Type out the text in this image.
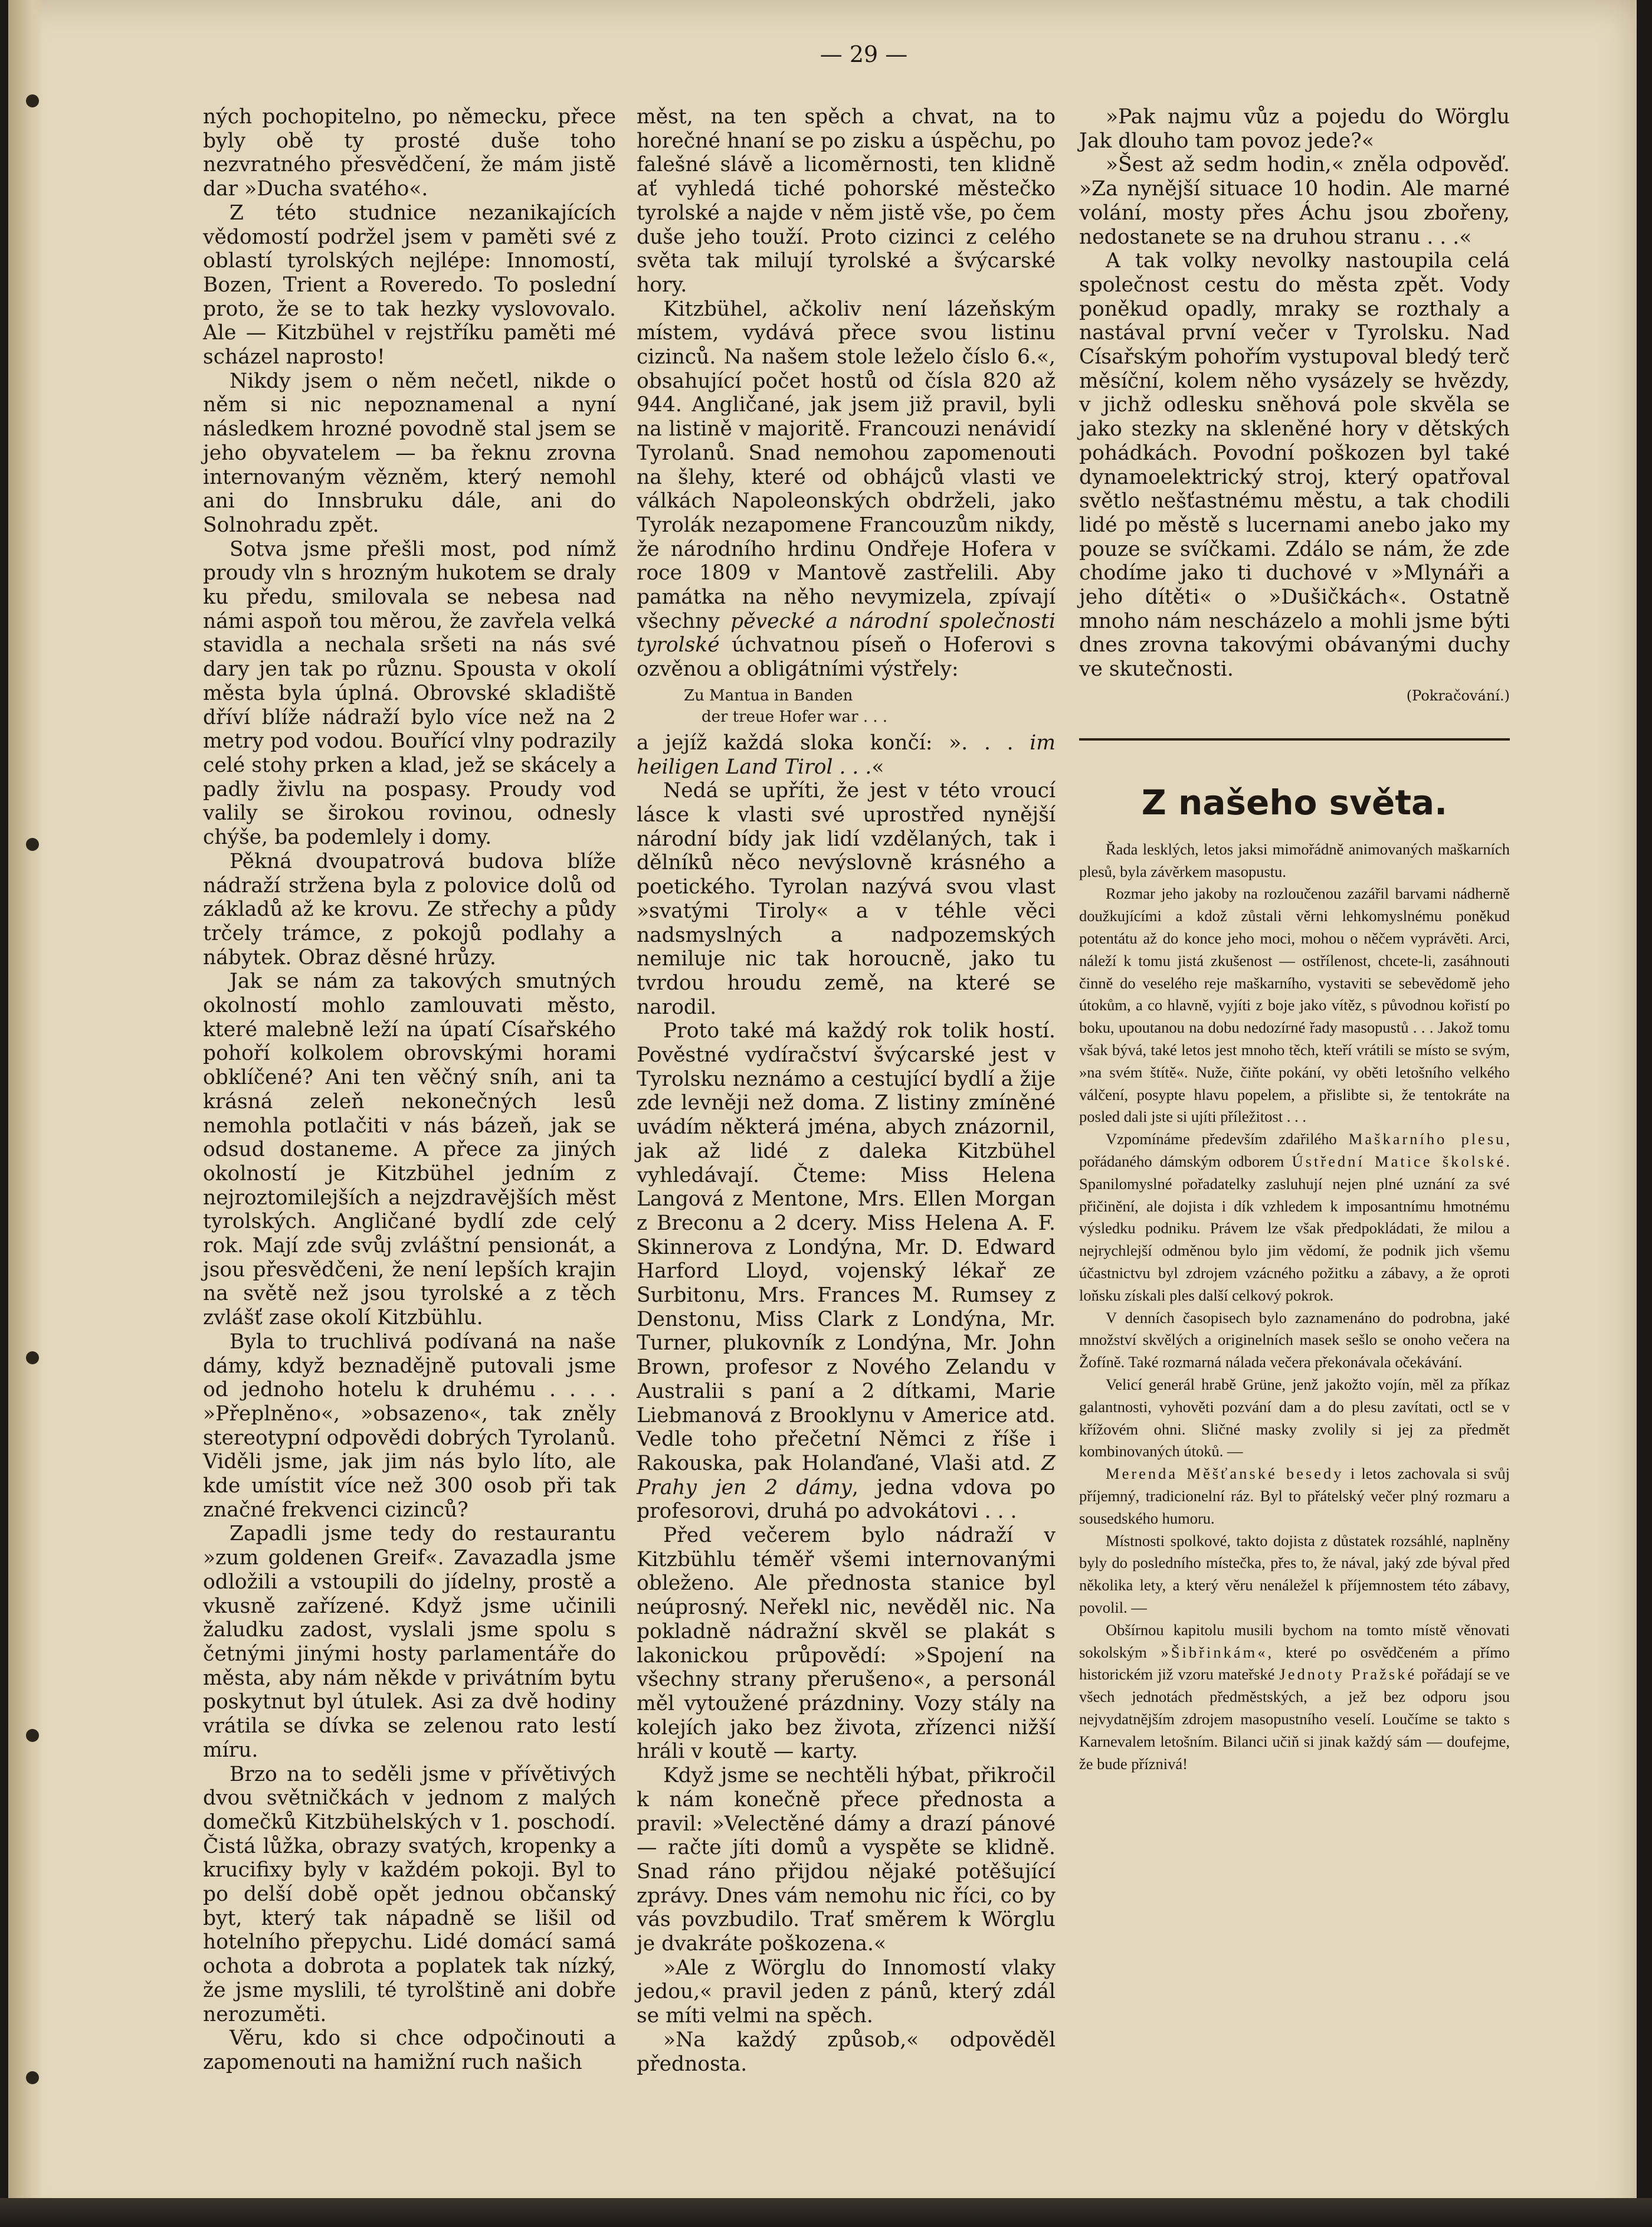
— 29 —

ných pochopitelno, po německu, přece byly obě ty prosté duše toho nezvratného přesvědčení, že mám jistě dar »Ducha svatého«.

Z této studnice nezanikajících vědomostí podržel jsem v paměti své z oblastí tyrolských nejlépe: Innomostí, Bozen, Trient a Roveredo. To poslední proto, že se to tak hezky vyslovovalo. Ale — Kitzbühel v rejstříku paměti mé scházel naprosto!

Nikdy jsem o něm nečetl, nikde o něm si nic nepoznamenal a nyní následkem hrozné povodně stal jsem se jeho obyvatelem — ba řeknu zrovna internovaným vězněm, který nemohl ani do Innsbruku dále, ani do Solnohradu zpět.

Sotva jsme přešli most, pod nímž proudy vln s hrozným hukotem se draly ku předu, smilovala se nebesa nad námi aspoň tou měrou, že zavřela velká stavidla a nechala sršeti na nás své dary jen tak po různu. Spousta v okolí města byla úplná. Obrovské skladiště dříví blíže nádraží bylo více než na 2 metry pod vodou. Bouřící vlny podrazily celé stohy prken a klad, jež se skácely a padly živlu na pospasy. Proudy vod valily se širokou rovinou, odnesly chýše, ba podemlely i domy.

Pěkná dvoupatrová budova blíže nádraží stržena byla z polovice dolů od základů až ke krovu. Ze střechy a půdy trčely trámce, z pokojů podlahy a nábytek. Obraz děsné hrůzy.

Jak se nám za takových smutných okolností mohlo zamlouvati město, které malebně leží na úpatí Císařského pohoří kolkolem obrovskými horami obklíčené? Ani ten věčný sníh, ani ta krásná zeleň nekonečných lesů nemohla potlačiti v nás bázeň, jak se odsud dostaneme. A přece za jiných okolností je Kitzbühel jedním z nejroztomilejších a nejzdravějších měst tyrolských. Angličané bydlí zde celý rok. Mají zde svůj zvláštní pensionát, a jsou přesvědčeni, že není lepších krajin na světě než jsou tyrolské a z těch zvlášť zase okolí Kitzbühlu.

Byla to truchlivá podívaná na naše dámy, když beznadějně putovali jsme od jednoho hotelu k druhému . . . . »Přeplněno«, »obsazeno«, tak zněly stereotypní odpovědi dobrých Tyrolanů. Viděli jsme, jak jim nás bylo líto, ale kde umístit více než 300 osob při tak značné frekvenci cizinců?

Zapadli jsme tedy do restaurantu »zum goldenen Greif«. Zavazadla jsme odložili a vstoupili do jídelny, prostě a vkusně zařízené. Když jsme učinili žaludku zadost, vyslali jsme spolu s četnými jinými hosty parlamentáře do města, aby nám někde v privátním bytu poskytnut byl útulek. Asi za dvě hodiny vrátila se dívka se zelenou rato lestí míru.

Brzo na to seděli jsme v přívětivých dvou světničkách v jednom z malých domečků Kitzbühelských v 1. poschodí. Čistá lůžka, obrazy svatých, kropenky a krucifixy byly v každém pokoji. Byl to po delší době opět jednou občanský byt, který tak nápadně se lišil od hotelního přepychu. Lidé domácí samá ochota a dobrota a poplatek tak nízký, že jsme myslili, té tyrolštině ani dobře nerozuměti.

Věru, kdo si chce odpočinouti a zapomenouti na hamižní ruch našich

měst, na ten spěch a chvat, na to horečné hnaní se po zisku a úspěchu, po falešné slávě a licoměrnosti, ten klidně ať vyhledá tiché pohorské městečko tyrolské a najde v něm jistě vše, po čem duše jeho touží. Proto cizinci z celého světa tak milují tyrolské a švýcarské hory.

Kitzbühel, ačkoliv není lázeňským místem, vydává přece svou listinu cizinců. Na našem stole leželo číslo 6.«, obsahující počet hostů od čísla 820 až 944. Angličané, jak jsem již pravil, byli na listině v majoritě. Francouzi nenávidí Tyrolanů. Snad nemohou zapomenouti na šlehy, které od obhájců vlasti ve válkách Napoleonských obdrželi, jako Tyrolák nezapomene Francouzům nikdy, že národního hrdinu Ondřeje Hofera v roce 1809 v Mantově zastřelili. Aby památka na něho nevymizela, zpívají všechny pěvecké a národní společnosti tyrolské úchvatnou píseň o Hoferovi s ozvěnou a obligátními výstřely:

Zu Mantua in Banden
der treue Hofer war . . .

a jejíž každá sloka končí: ». . . im heiligen Land Tirol . . .«

Nedá se upříti, že jest v této vroucí lásce k vlasti své uprostřed nynější národní bídy jak lidí vzdělaných, tak i dělníků něco nevýslovně krásného a poetického. Tyrolan nazývá svou vlast »svatými Tiroly« a v téhle věci nadsmyslných a nadpozemských nemiluje nic tak horoucně, jako tu tvrdou hroudu země, na které se narodil.

Proto také má každý rok tolik hostí. Pověstné vydíračství švýcarské jest v Tyrolsku neznámo a cestující bydlí a žije zde levněji než doma. Z listiny zmíněné uvádím některá jména, abych znázornil, jak až lidé z daleka Kitzbühel vyhledávají. Čteme: Miss Helena Langová z Mentone, Mrs. Ellen Morgan z Breconu a 2 dcery. Miss Helena A. F. Skinnerova z Londýna, Mr. D. Edward Harford Lloyd, vojenský lékař ze Surbitonu, Mrs. Frances M. Rumsey z Denstonu, Miss Clark z Londýna, Mr. Turner, plukovník z Londýna, Mr. John Brown, profesor z Nového Zelandu v Australii s paní a 2 dítkami, Marie Liebmanová z Brooklynu v Americe atd. Vedle toho přečetní Němci z říše i Rakouska, pak Holanďané, Vlaši atd. Z Prahy jen 2 dámy, jedna vdova po profesorovi, druhá po advokátovi . . .

Před večerem bylo nádraží v Kitzbühlu téměř všemi internovanými obleženo. Ale přednosta stanice byl neúprosný. Neřekl nic, nevěděl nic. Na pokladně nádražní skvěl se plakát s lakonickou průpovědí: »Spojení na všechny strany přerušeno«, a personál měl vytoužené prázdniny. Vozy stály na kolejích jako bez života, zřízenci nižší hráli v koutě — karty.

Když jsme se nechtěli hýbat, přikročil k nám konečně přece přednosta a pravil: »Velectěné dámy a drazí pánové — račte jíti domů a vyspěte se klidně. Snad ráno přijdou nějaké potěšující zprávy. Dnes vám nemohu nic říci, co by vás povzbudilo. Trať směrem k Wörglu je dvakráte poškozena.«

»Ale z Wörglu do Innomostí vlaky jedou,« pravil jeden z pánů, který zdál se míti velmi na spěch.

»Na každý způsob,« odpověděl přednosta.

»Pak najmu vůz a pojedu do Wörglu Jak dlouho tam povoz jede?«

»Šest až sedm hodin,« zněla odpověď. »Za nynější situace 10 hodin. Ale marné volání, mosty přes Áchu jsou zbořeny, nedostanete se na druhou stranu . . .«

A tak volky nevolky nastoupila celá společnost cestu do města zpět. Vody poněkud opadly, mraky se rozthaly a nastával první večer v Tyrolsku. Nad Císařským pohořím vystupoval bledý terč měsíční, kolem něho vysázely se hvězdy, v jichž odlesku sněhová pole skvěla se jako stezky na skleněné hory v dětských pohádkách. Povodní poškozen byl také dynamoelektrický stroj, který opatřoval světlo nešťastnému městu, a tak chodili lidé po městě s lucernami anebo jako my pouze se svíčkami. Zdálo se nám, že zde chodíme jako ti duchové v »Mlynáři a jeho dítěti« o »Dušičkách«. Ostatně mnoho nám nescházelo a mohli jsme býti dnes zrovna takovými obávanými duchy ve skutečnosti.

(Pokračování.)
Z našeho světa.

Řada lesklých, letos jaksi mimořádně animovaných maškarních plesů, byla závěrkem masopustu.

Rozmar jeho jakoby na rozloučenou zazářil barvami nádherně doužkujícími a kdož zůstali věrni lehkomyslnému poněkud potentátu až do konce jeho moci, mohou o něčem vyprávěti. Arci, náleží k tomu jistá zkušenost — ostřílenost, chcete-li, zasáhnouti činně do veselého reje maškarního, vystaviti se sebevědomě jeho útokům, a co hlavně, vyjíti z boje jako vítěz, s původnou kořistí po boku, upoutanou na dobu nedozírné řady masopustů . . . Jakož tomu však bývá, také letos jest mnoho těch, kteří vrátili se místo se svým, »na svém štítě«. Nuže, čiňte pokání, vy oběti letošního velkého válčení, posypte hlavu popelem, a přislibte si, že tentokráte na posled dali jste si ujíti příležitost . . .

Vzpomínáme především zdařilého Maškarního plesu, pořádaného dámským odborem Ústřední Matice školské. Spanilomyslné pořadatelky zasluhují nejen plné uznání za své přičinění, ale dojista i dík vzhledem k imposantnímu hmotnému výsledku podniku. Právem lze však předpokládati, že milou a nejrychlejší odměnou bylo jim vědomí, že podnik jich všemu účastnictvu byl zdrojem vzácného požitku a zábavy, a že oproti loňsku získali ples další celkový pokrok.

V denních časopisech bylo zaznamenáno do podrobna, jaké množství skvělých a originelních masek sešlo se onoho večera na Žofíně. Také rozmarná nálada večera překonávala očekávání.

Velicí generál hrabě Grüne, jenž jakožto vojín, měl za příkaz galantnosti, vyhověti pozvání dam a do plesu zavítati, octl se v křížovém ohni. Sličné masky zvolily si jej za předmět kombinovaných útoků. —

Merenda Měšťanské besedy i letos zachovala si svůj příjemný, tradicionelní ráz. Byl to přátelský večer plný rozmaru a sousedského humoru.

Místnosti spolkové, takto dojista z důstatek rozsáhlé, naplněny byly do posledního místečka, přes to, že nával, jaký zde býval před několika lety, a který věru nenáležel k příjemnostem této zábavy, povolil. —

Obšírnou kapitolu musili bychom na tomto místě věnovati sokolským »Šibřinkám«, které po osvědčeném a přímo historickém již vzoru mateřské Jednoty Pražské pořádají se ve všech jednotách předměstských, a jež bez odporu jsou nejvydatnějším zdrojem masopustního veselí. Loučíme se takto s Karnevalem letošním. Bilanci učiň si jinak každý sám — doufejme, že bude příznivá!
